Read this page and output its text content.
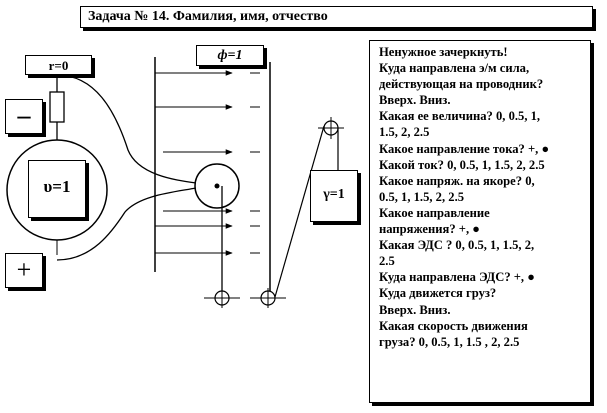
Задача № 14. Фамилия, имя, отчество
r=0
ф=1
γ=1
–
+
υ=1
Ненужное зачеркнуть!
Куда направлена э/м сила,
действующая на проводник?
Вверх. Вниз.
Какая ее величина? 0, 0.5, 1,
1.5, 2, 2.5
Какое направление тока? +, ●
Какой ток? 0, 0.5, 1, 1.5, 2, 2.5
Какое напряж. на якоре? 0,
0.5, 1, 1.5, 2, 2.5
Какое направление
напряжения? +, ●
Какая ЭДС ? 0, 0.5, 1, 1.5, 2,
2.5
Куда направлена ЭДС? +, ●
Куда движется груз?
Вверх. Вниз.
Какая скорость движения
груза? 0, 0.5, 1, 1.5 , 2, 2.5
